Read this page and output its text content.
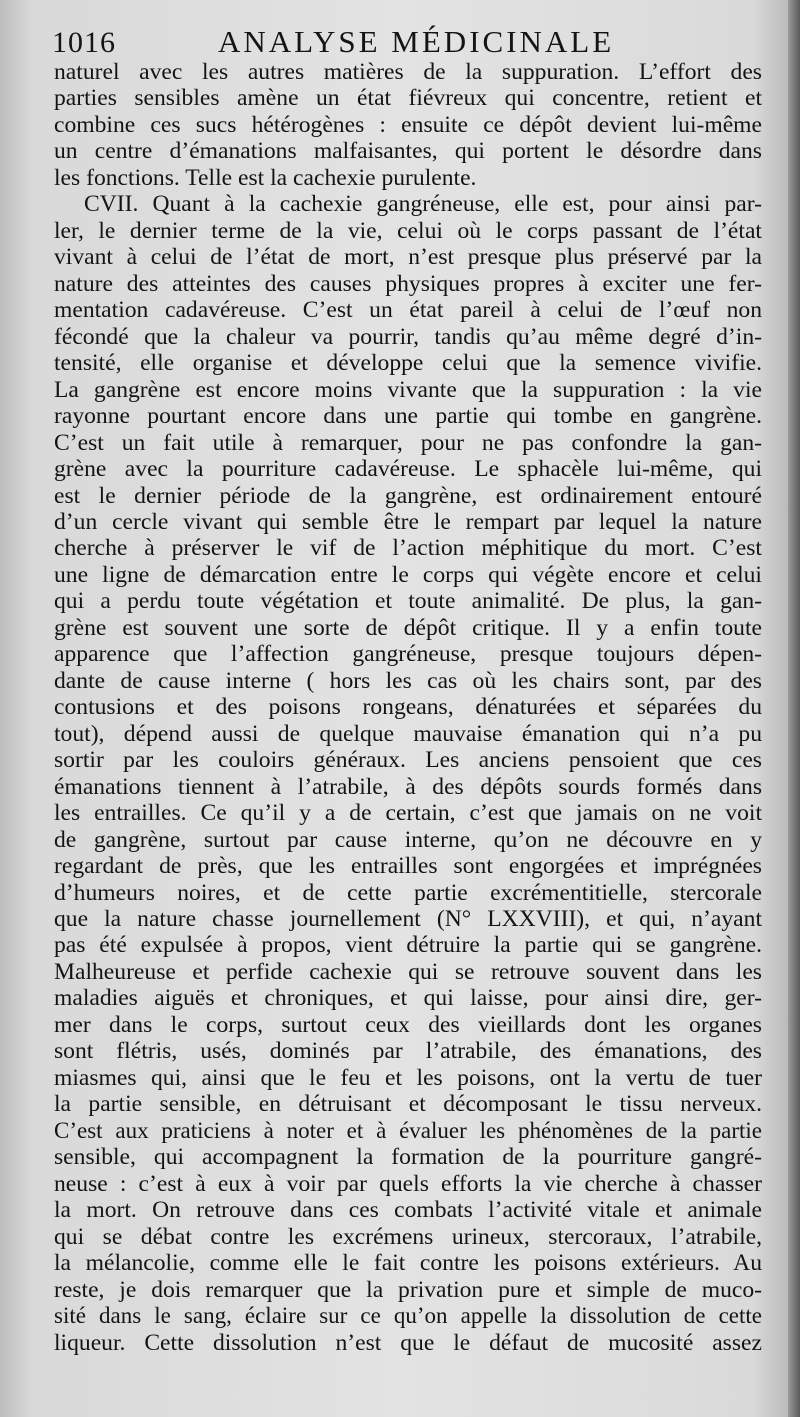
1016	ANALYSE MÉDICINALE
naturel avec les autres matières de la suppuration. L’effort des
parties sensibles amène un état fiévreux qui concentre, retient et
combine ces sucs hétérogènes : ensuite ce dépôt devient lui-même
un centre d’émanations malfaisantes, qui portent le désordre dans
les fonctions. Telle est la cachexie purulente.
CVII. Quant à la cachexie gangréneuse, elle est, pour ainsi par-
ler, le dernier terme de la vie, celui où le corps passant de l’état
vivant à celui de l’état de mort, n’est presque plus préservé par la
nature des atteintes des causes physiques propres à exciter une fer-
mentation cadavéreuse. C’est un état pareil à celui de l’œuf non
fécondé que la chaleur va pourrir, tandis qu’au même degré d’in-
tensité, elle organise et développe celui que la semence vivifie.
La gangrène est encore moins vivante que la suppuration : la vie
rayonne pourtant encore dans une partie qui tombe en gangrène.
C’est un fait utile à remarquer, pour ne pas confondre la gan-
grène avec la pourriture cadavéreuse. Le sphacèle lui-même, qui
est le dernier période de la gangrène, est ordinairement entouré
d’un cercle vivant qui semble être le rempart par lequel la nature
cherche à préserver le vif de l’action méphitique du mort. C’est
une ligne de démarcation entre le corps qui végète encore et celui
qui a perdu toute végétation et toute animalité. De plus, la gan-
grène est souvent une sorte de dépôt critique. Il y a enfin toute
apparence que l’affection gangréneuse, presque toujours dépen-
dante de cause interne ( hors les cas où les chairs sont, par des
contusions et des poisons rongeans, dénaturées et séparées du
tout), dépend aussi de quelque mauvaise émanation qui n’a pu
sortir par les couloirs généraux. Les anciens pensoient que ces
émanations tiennent à l’atrabile, à des dépôts sourds formés dans
les entrailles. Ce qu’il y a de certain, c’est que jamais on ne voit
de gangrène, surtout par cause interne, qu’on ne découvre en y
regardant de près, que les entrailles sont engorgées et imprégnées
d’humeurs noires, et de cette partie excrémentitielle, stercorale
que la nature chasse journellement (N° LXXVIII), et qui, n’ayant
pas été expulsée à propos, vient détruire la partie qui se gangrène.
Malheureuse et perfide cachexie qui se retrouve souvent dans les
maladies aiguës et chroniques, et qui laisse, pour ainsi dire, ger-
mer dans le corps, surtout ceux des vieillards dont les organes
sont flétris, usés, dominés par l’atrabile, des émanations, des
miasmes qui, ainsi que le feu et les poisons, ont la vertu de tuer
la partie sensible, en détruisant et décomposant le tissu nerveux.
C’est aux praticiens à noter et à évaluer les phénomènes de la partie
sensible, qui accompagnent la formation de la pourriture gangré-
neuse : c’est à eux à voir par quels efforts la vie cherche à chasser
la mort. On retrouve dans ces combats l’activité vitale et animale
qui se débat contre les excrémens urineux, stercoraux, l’atrabile,
la mélancolie, comme elle le fait contre les poisons extérieurs. Au
reste, je dois remarquer que la privation pure et simple de muco-
sité dans le sang, éclaire sur ce qu’on appelle la dissolution de cette
liqueur. Cette dissolution n’est que le défaut de mucosité assez
